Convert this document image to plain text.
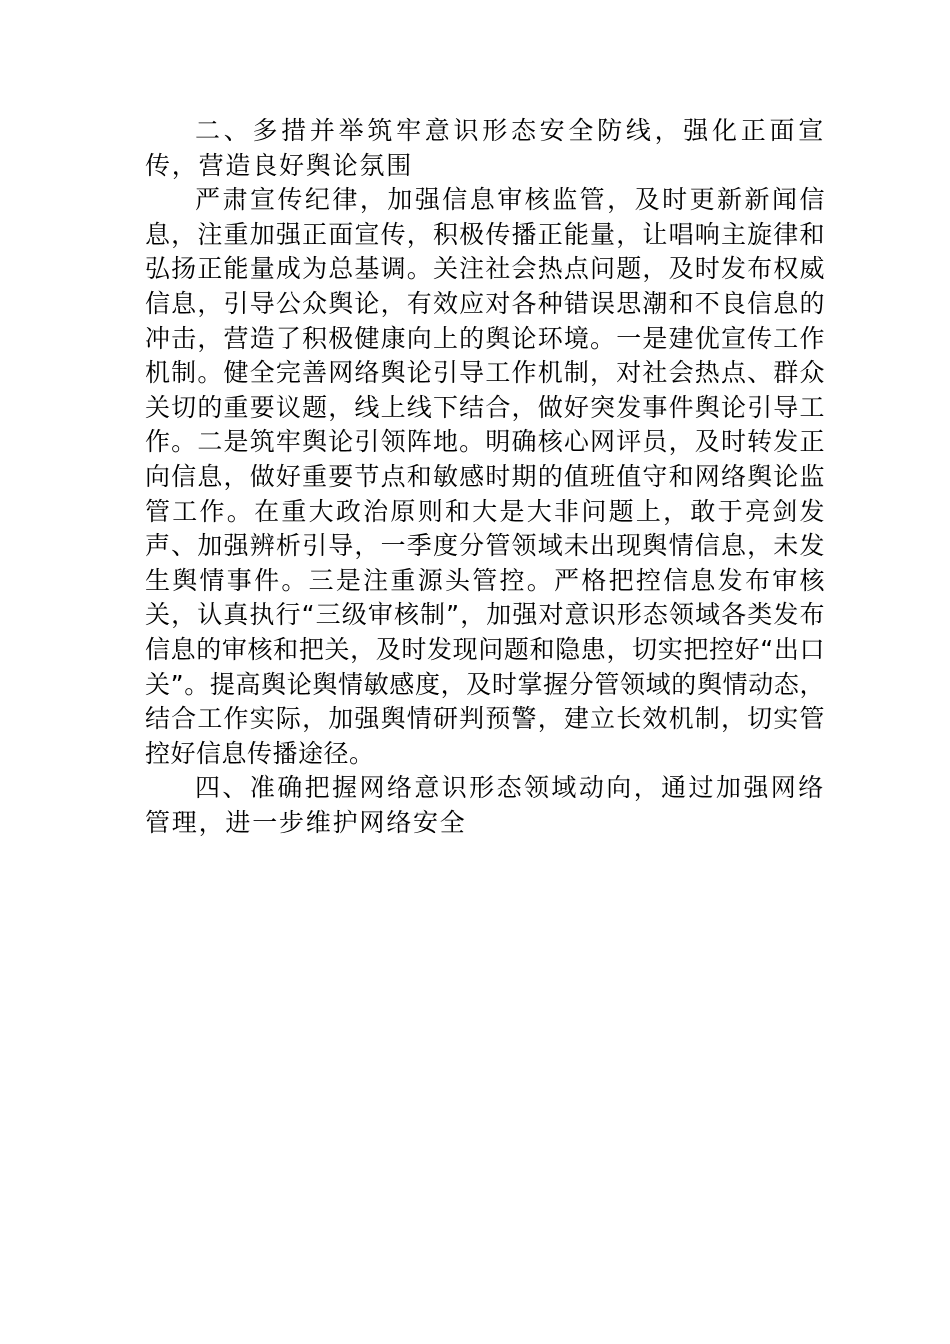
二、多措并举筑牢意识形态安全防线，强化正面宣传，营造良好舆论氛围

严肃宣传纪律，加强信息审核监管，及时更新新闻信息，注重加强正面宣传，积极传播正能量，让唱响主旋律和弘扬正能量成为总基调。关注社会热点问题，及时发布权威信息，引导公众舆论，有效应对各种错误思潮和不良信息的冲击，营造了积极健康向上的舆论环境。一是建优宣传工作机制。健全完善网络舆论引导工作机制，对社会热点、群众关切的重要议题，线上线下结合，做好突发事件舆论引导工作。二是筑牢舆论引领阵地。明确核心网评员，及时转发正向信息，做好重要节点和敏感时期的值班值守和网络舆论监管工作。在重大政治原则和大是大非问题上，敢于亮剑发声、加强辨析引导，一季度分管领域未出现舆情信息，未发生舆情事件。三是注重源头管控。严格把控信息发布审核关，认真执行“三级审核制”，加强对意识形态领域各类发布信息的审核和把关，及时发现问题和隐患，切实把控好“出口关”。提高舆论舆情敏感度，及时掌握分管领域的舆情动态，结合工作实际，加强舆情研判预警，建立长效机制，切实管控好信息传播途径。

四、准确把握网络意识形态领域动向，通过加强网络管理，进一步维护网络安全
